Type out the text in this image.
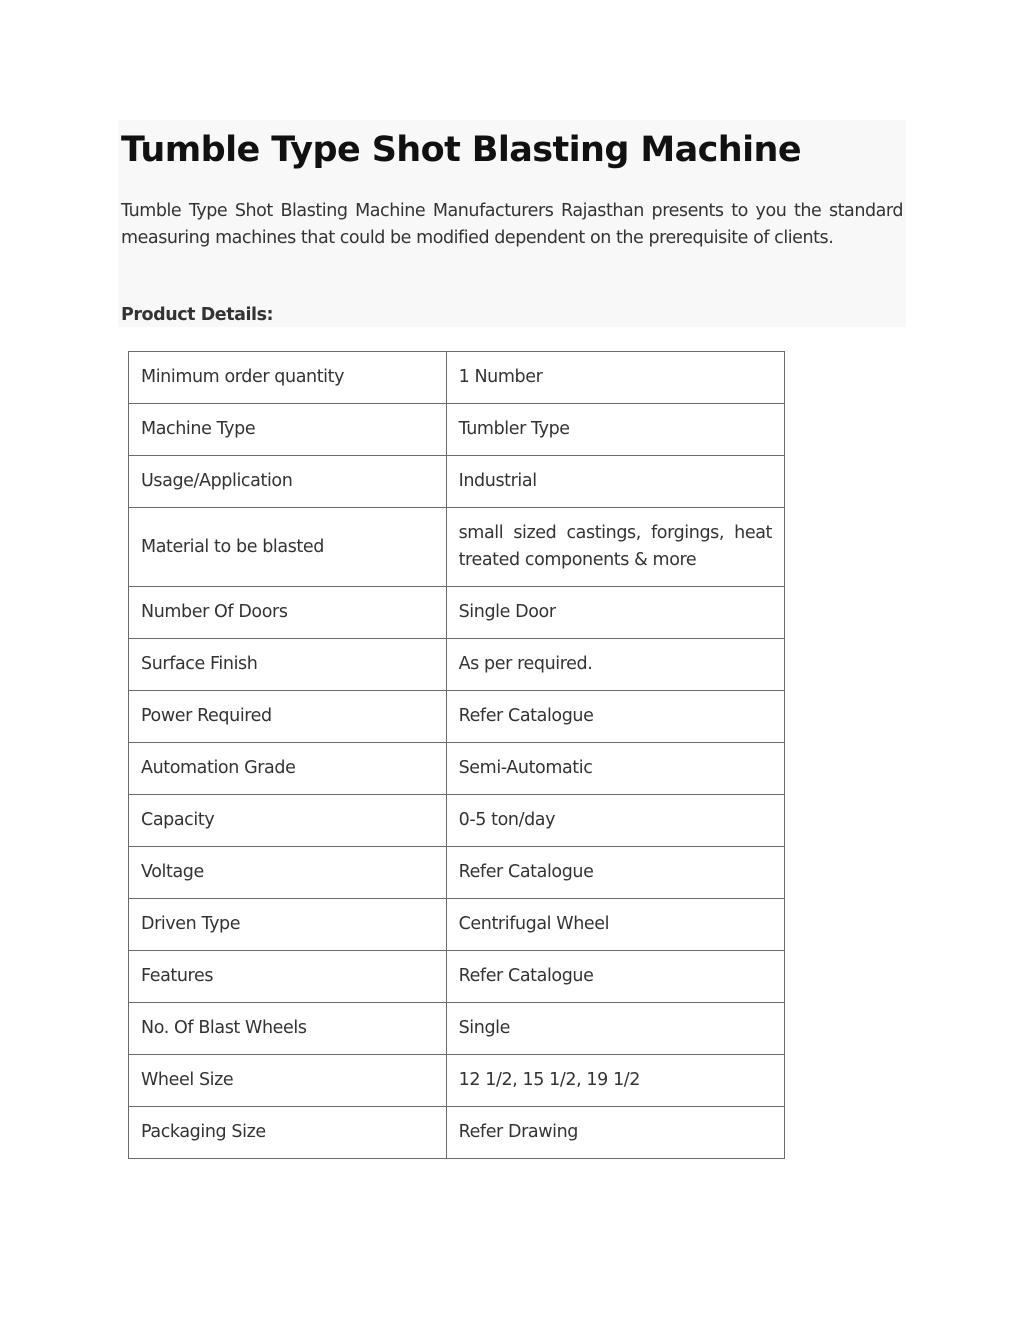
Tumble Type Shot Blasting Machine

Tumble Type Shot Blasting Machine Manufacturers Rajasthan presents to you the standard measuring machines that could be modified dependent on the prerequisite of clients.

Product Details:

Minimum order quantity	1 Number
Machine Type	Tumbler Type
Usage/Application	Industrial
Material to be blasted	small sized castings, forgings, heat treated components & more
Number Of Doors	Single Door
Surface Finish	As per required.
Power Required	Refer Catalogue
Automation Grade	Semi-Automatic
Capacity	0-5 ton/day
Voltage	Refer Catalogue
Driven Type	Centrifugal Wheel
Features	Refer Catalogue
No. Of Blast Wheels	Single
Wheel Size	12 1/2, 15 1/2, 19 1/2
Packaging Size	Refer Drawing
